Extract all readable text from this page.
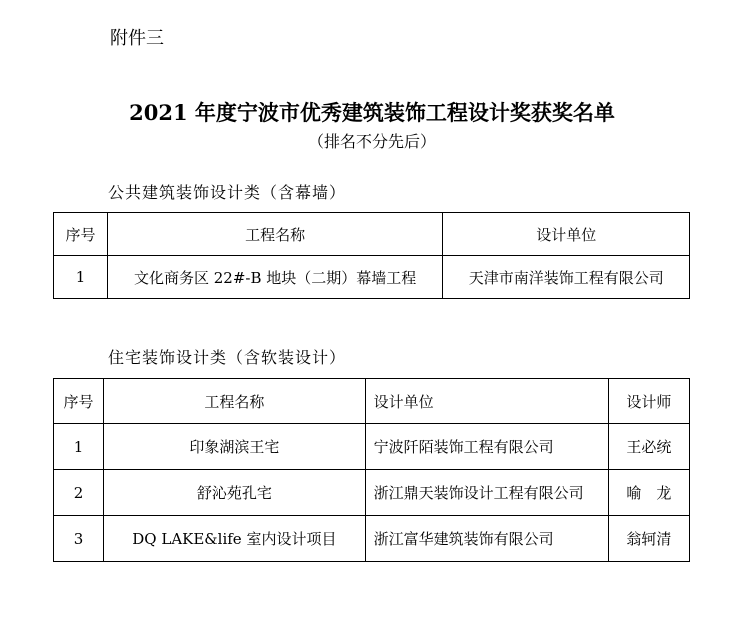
附件三
2021 年度宁波市优秀建筑装饰工程设计奖获奖名单
（排名不分先后）
公共建筑装饰设计类（含幕墙）
序号	工程名称	设计单位
1	文化商务区 22#-B 地块（二期）幕墙工程	天津市南洋装饰工程有限公司
住宅装饰设计类（含软装设计）
序号	工程名称	设计单位	设计师
1	印象湖滨王宅	宁波阡陌装饰工程有限公司	王必统
2	舒沁苑孔宅	浙江鼎天装饰设计工程有限公司	喻　龙
3	DQ LAKE&life 室内设计项目	浙江富华建筑装饰有限公司	翁轲清
